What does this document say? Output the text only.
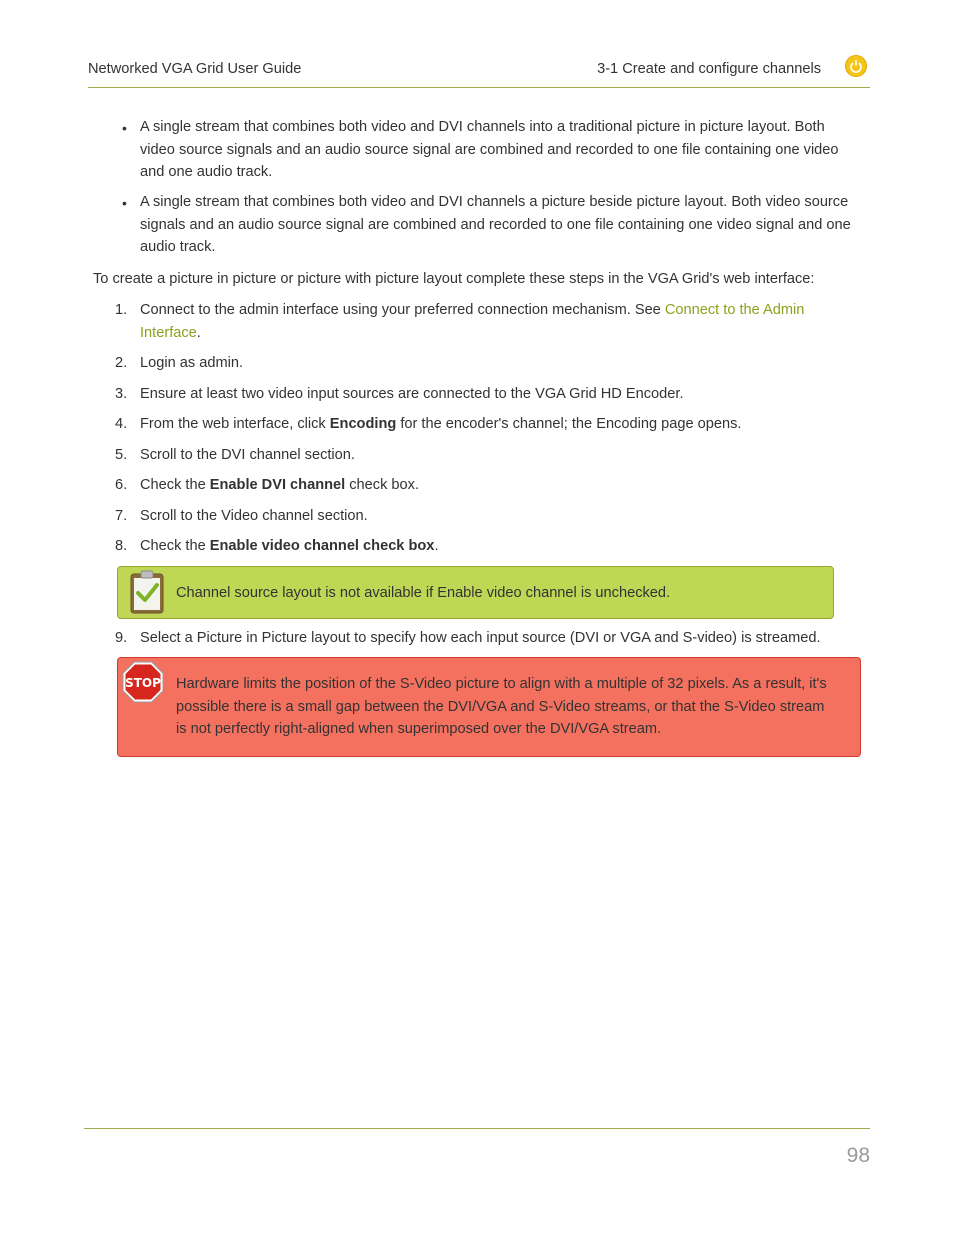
Networked VGA Grid User Guide	3-1 Create and configure channels
• A single stream that combines both video and DVI channels into a traditional picture in picture layout. Both video source signals and an audio source signal are combined and recorded to one file containing one video and one audio track.
• A single stream that combines both video and DVI channels a picture beside picture layout. Both video source signals and an audio source signal are combined and recorded to one file containing one video signal and one audio track.

To create a picture in picture or picture with picture layout complete these steps in the VGA Grid's web interface:

1. Connect to the admin interface using your preferred connection mechanism. See Connect to the Admin Interface.
2. Login as admin.
3. Ensure at least two video input sources are connected to the VGA Grid HD Encoder.
4. From the web interface, click Encoding for the encoder's channel; the Encoding page opens.
5. Scroll to the DVI channel section.
6. Check the Enable DVI channel check box.
7. Scroll to the Video channel section.
8. Check the Enable video channel check box.
Channel source layout is not available if Enable video channel is unchecked.
9. Select a Picture in Picture layout to specify how each input source (DVI or VGA and S-video) is streamed.
STOP Hardware limits the position of the S-Video picture to align with a multiple of 32 pixels. As a result, it's possible there is a small gap between the DVI/VGA and S-Video streams, or that the S-Video stream is not perfectly right-aligned when superimposed over the DVI/VGA stream.
98
